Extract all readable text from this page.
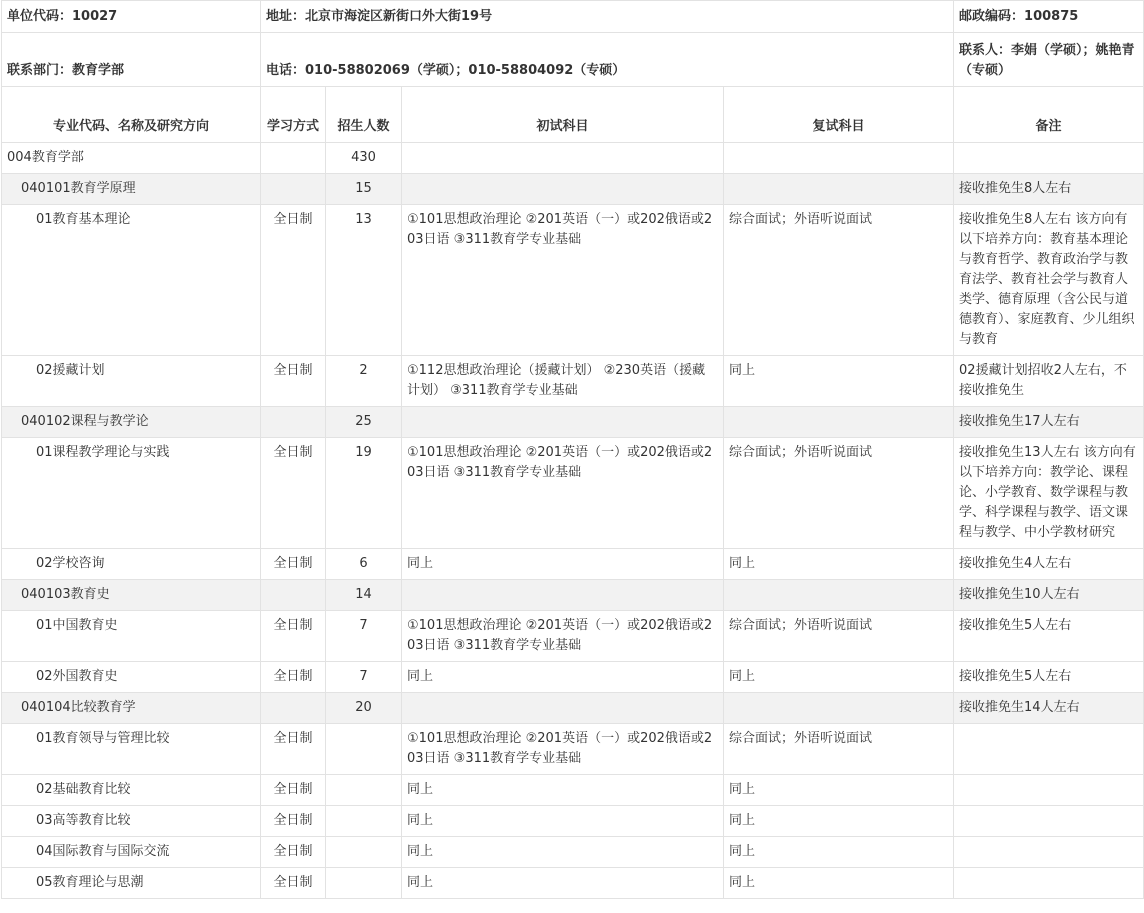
单位代码：10027	地址：北京市海淀区新街口外大街19号				邮政编码：100875
联系部门：教育学部	电话：010-58802069（学硕）；010-58804092（专硕）				联系人：李娟（学硕）；姚艳青（专硕）
专业代码、名称及研究方向	学习方式	招生人数	初试科目	复试科目	备注
004教育学部		430			
040101教育学原理		15			接收推免生8人左右
01教育基本理论	全日制	13	①101思想政治理论 ②201英语（一）或202俄语或203日语 ③311教育学专业基础	综合面试；外语听说面试	接收推免生8人左右 该方向有以下培养方向：教育基本理论与教育哲学、教育政治学与教育法学、教育社会学与教育人类学、德育原理（含公民与道德教育）、家庭教育、少儿组织与教育
02援藏计划	全日制	2	①112思想政治理论（援藏计划） ②230英语（援藏计划） ③311教育学专业基础	同上	02援藏计划招收2人左右，不接收推免生
040102课程与教学论		25			接收推免生17人左右
01课程教学理论与实践	全日制	19	①101思想政治理论 ②201英语（一）或202俄语或203日语 ③311教育学专业基础	综合面试；外语听说面试	接收推免生13人左右 该方向有以下培养方向：教学论、课程论、小学教育、数学课程与教学、科学课程与教学、语文课程与教学、中小学教材研究
02学校咨询	全日制	6	同上	同上	接收推免生4人左右
040103教育史		14			接收推免生10人左右
01中国教育史	全日制	7	①101思想政治理论 ②201英语（一）或202俄语或203日语 ③311教育学专业基础	综合面试；外语听说面试	接收推免生5人左右
02外国教育史	全日制	7	同上	同上	接收推免生5人左右
040104比较教育学		20			接收推免生14人左右
01教育领导与管理比较	全日制		①101思想政治理论 ②201英语（一）或202俄语或203日语 ③311教育学专业基础	综合面试；外语听说面试	
02基础教育比较	全日制		同上	同上	
03高等教育比较	全日制		同上	同上	
04国际教育与国际交流	全日制		同上	同上	
05教育理论与思潮	全日制		同上	同上	
